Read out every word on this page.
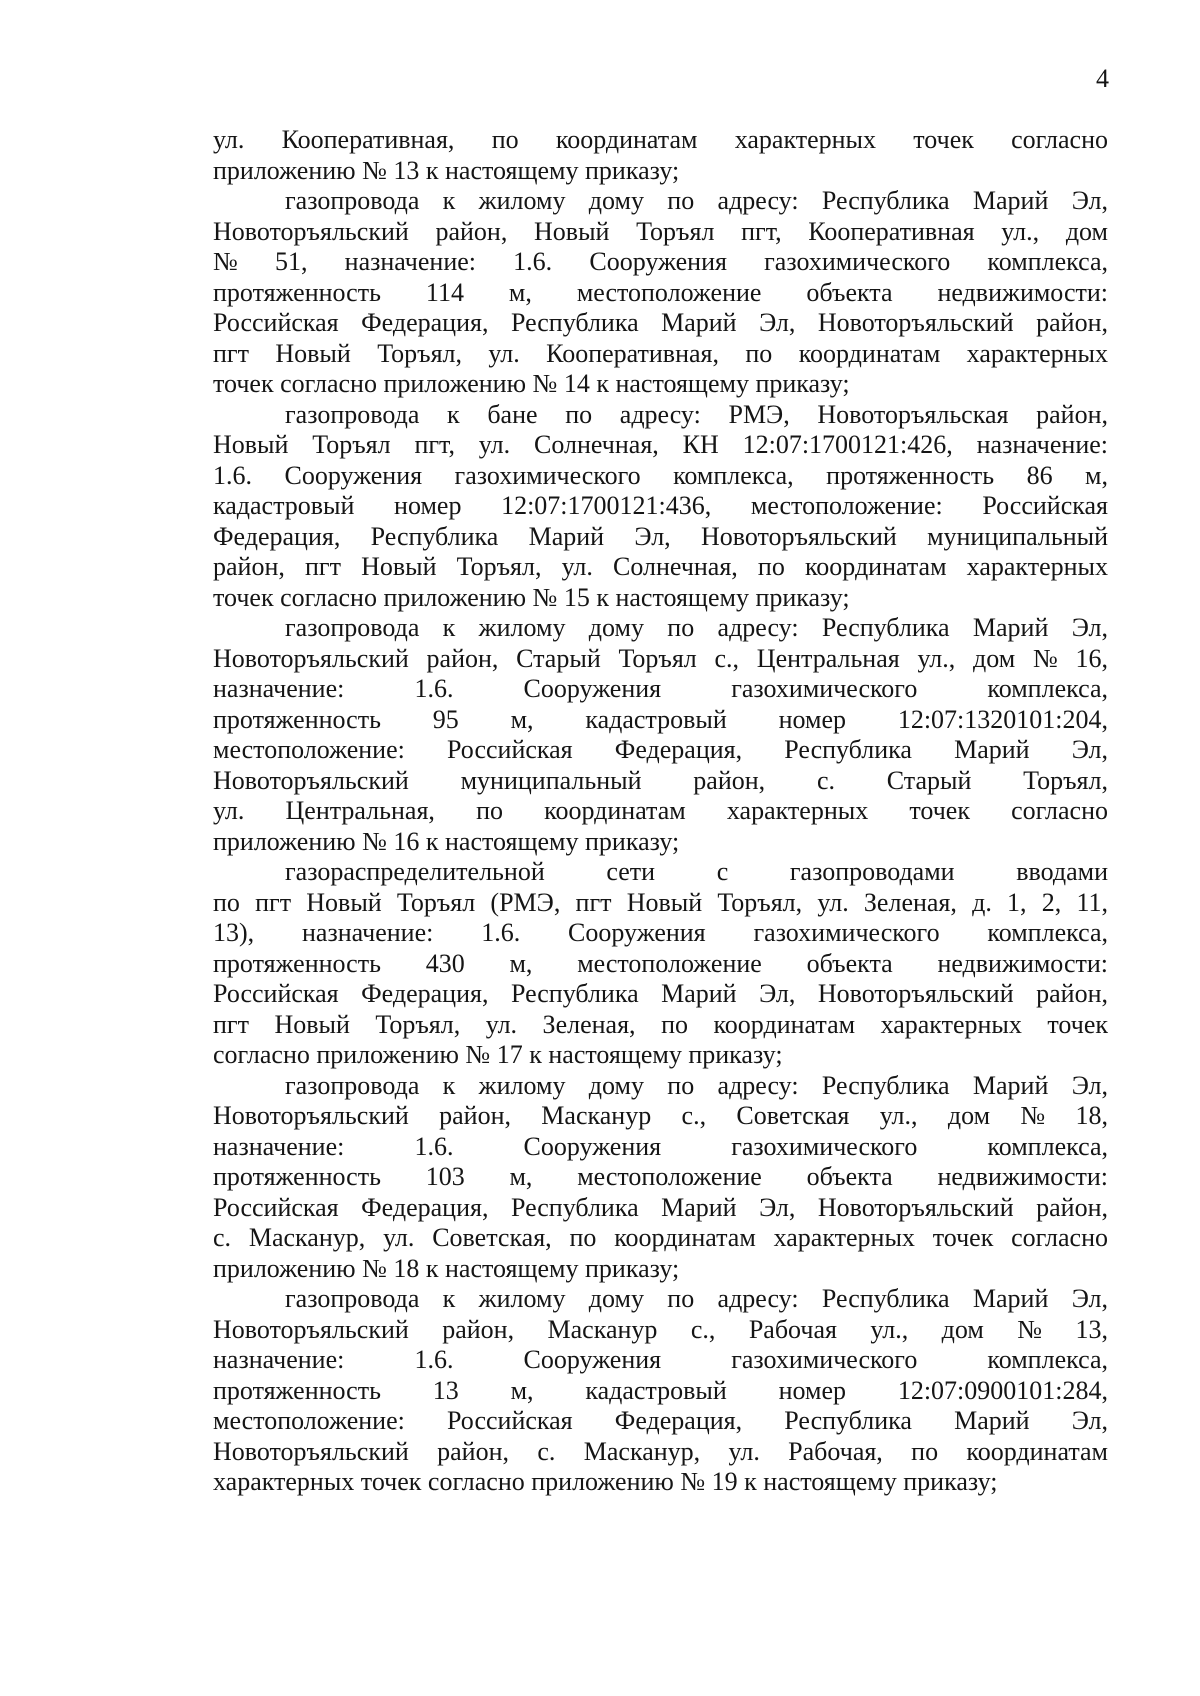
4
ул. Кооперативная, по координатам характерных точек согласно
приложению № 13 к настоящему приказу;
газопровода к жилому дому по адресу: Республика Марий Эл,
Новоторъяльский район, Новый Торъял пгт, Кооперативная ул., дом
№ 51, назначение: 1.6. Сооружения газохимического комплекса,
протяженность 114 м, местоположение объекта недвижимости:
Российская Федерация, Республика Марий Эл, Новоторъяльский район,
пгт Новый Торъял, ул. Кооперативная, по координатам характерных
точек согласно приложению № 14 к настоящему приказу;
газопровода к бане по адресу: РМЭ, Новоторъяльская район,
Новый Торъял пгт, ул. Солнечная, КН 12:07:1700121:426, назначение:
1.6. Сооружения газохимического комплекса, протяженность 86 м,
кадастровый номер 12:07:1700121:436, местоположение: Российская
Федерация, Республика Марий Эл, Новоторъяльский муниципальный
район, пгт Новый Торъял, ул. Солнечная, по координатам характерных
точек согласно приложению № 15 к настоящему приказу;
газопровода к жилому дому по адресу: Республика Марий Эл,
Новоторъяльский район, Старый Торъял с., Центральная ул., дом № 16,
назначение: 1.6. Сооружения газохимического комплекса,
протяженность 95 м, кадастровый номер 12:07:1320101:204,
местоположение: Российская Федерация, Республика Марий Эл,
Новоторъяльский муниципальный район, с. Старый Торъял,
ул. Центральная, по координатам характерных точек согласно
приложению № 16 к настоящему приказу;
газораспределительной сети с газопроводами вводами
по пгт Новый Торъял (РМЭ, пгт Новый Торъял, ул. Зеленая, д. 1, 2, 11,
13), назначение: 1.6. Сооружения газохимического комплекса,
протяженность 430 м, местоположение объекта недвижимости:
Российская Федерация, Республика Марий Эл, Новоторъяльский район,
пгт Новый Торъял, ул. Зеленая, по координатам характерных точек
согласно приложению № 17 к настоящему приказу;
газопровода к жилому дому по адресу: Республика Марий Эл,
Новоторъяльский район, Масканур с., Советская ул., дом № 18,
назначение: 1.6. Сооружения газохимического комплекса,
протяженность 103 м, местоположение объекта недвижимости:
Российская Федерация, Республика Марий Эл, Новоторъяльский район,
с. Масканур, ул. Советская, по координатам характерных точек согласно
приложению № 18 к настоящему приказу;
газопровода к жилому дому по адресу: Республика Марий Эл,
Новоторъяльский район, Масканур с., Рабочая ул., дом № 13,
назначение: 1.6. Сооружения газохимического комплекса,
протяженность 13 м, кадастровый номер 12:07:0900101:284,
местоположение: Российская Федерация, Республика Марий Эл,
Новоторъяльский район, с. Масканур, ул. Рабочая, по координатам
характерных точек согласно приложению № 19 к настоящему приказу;
